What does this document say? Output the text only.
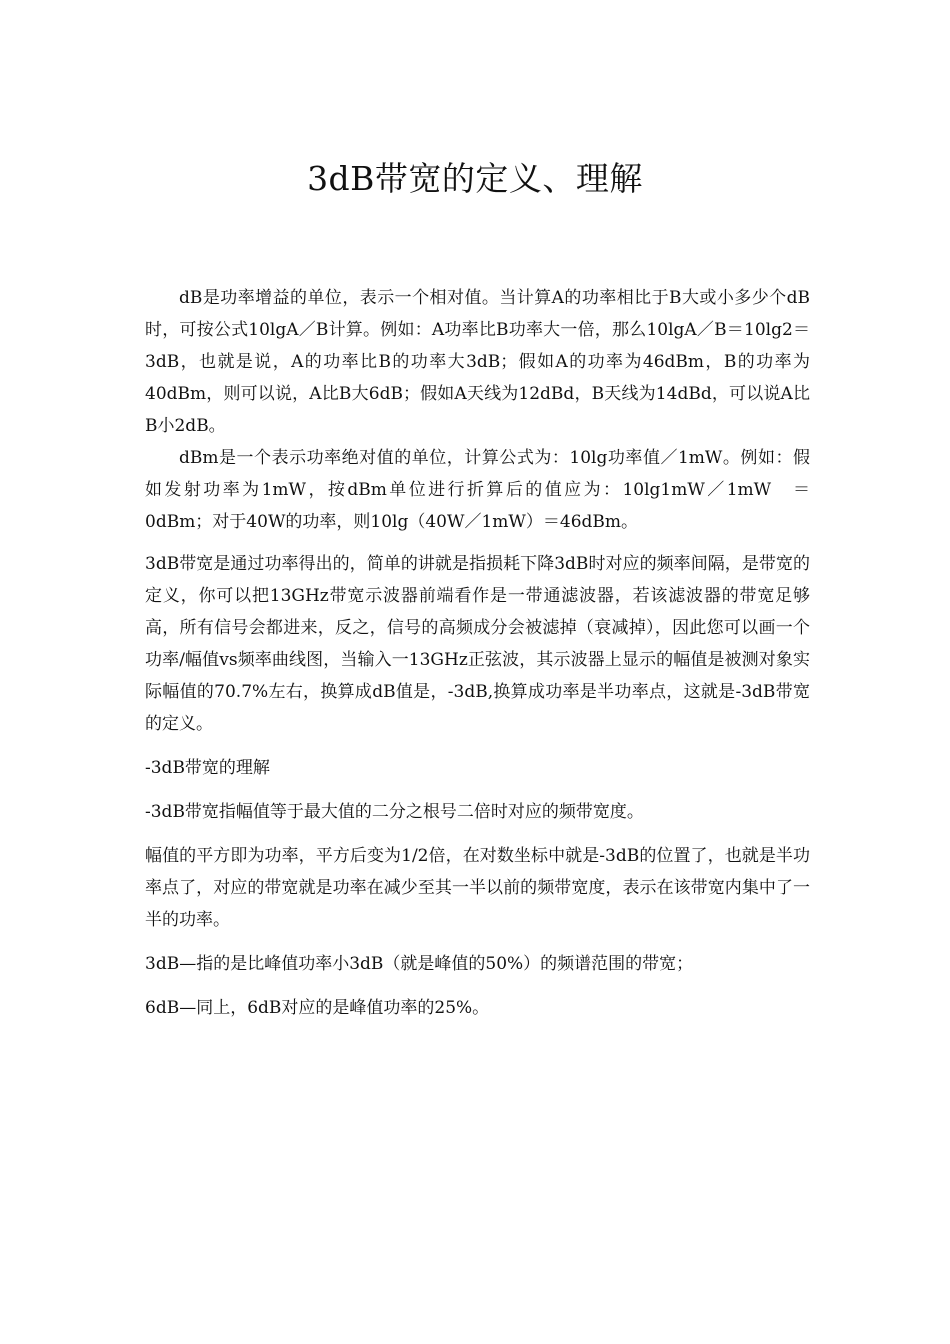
3dB带宽的定义、理解

dB是功率增益的单位，表示一个相对值。当计算A的功率相比于B大或小多少个dB时，可按公式10lgA／B计算。例如：A功率比B功率大一倍，那么10lgA／B＝10lg2＝3dB，也就是说，A的功率比B的功率大3dB；假如A的功率为46dBm，B的功率为40dBm，则可以说，A比B大6dB；假如A天线为12dBd，B天线为14dBd，可以说A比B小2dB。

dBm是一个表示功率绝对值的单位，计算公式为：10lg功率值／1mW。例如：假如发射功率为1mW，按dBm单位进行折算后的值应为：10lg1mW／1mW　＝0dBm；对于40W的功率，则10lg（40W／1mW）＝46dBm。

3dB带宽是通过功率得出的，简单的讲就是指损耗下降3dB时对应的频率间隔，是带宽的定义，你可以把13GHz带宽示波器前端看作是一带通滤波器，若该滤波器的带宽足够高，所有信号会都进来，反之，信号的高频成分会被滤掉（衰减掉），因此您可以画一个功率/幅值vs频率曲线图，当输入一13GHz正弦波，其示波器上显示的幅值是被测对象实际幅值的70.7%左右，换算成dB值是，-3dB,换算成功率是半功率点，这就是-3dB带宽的定义。

-3dB带宽的理解

-3dB带宽指幅值等于最大值的二分之根号二倍时对应的频带宽度。

幅值的平方即为功率，平方后变为1/2倍，在对数坐标中就是-3dB的位置了，也就是半功率点了，对应的带宽就是功率在减少至其一半以前的频带宽度，表示在该带宽内集中了一半的功率。

3dB—指的是比峰值功率小3dB（就是峰值的50%）的频谱范围的带宽；

6dB—同上，6dB对应的是峰值功率的25%。
